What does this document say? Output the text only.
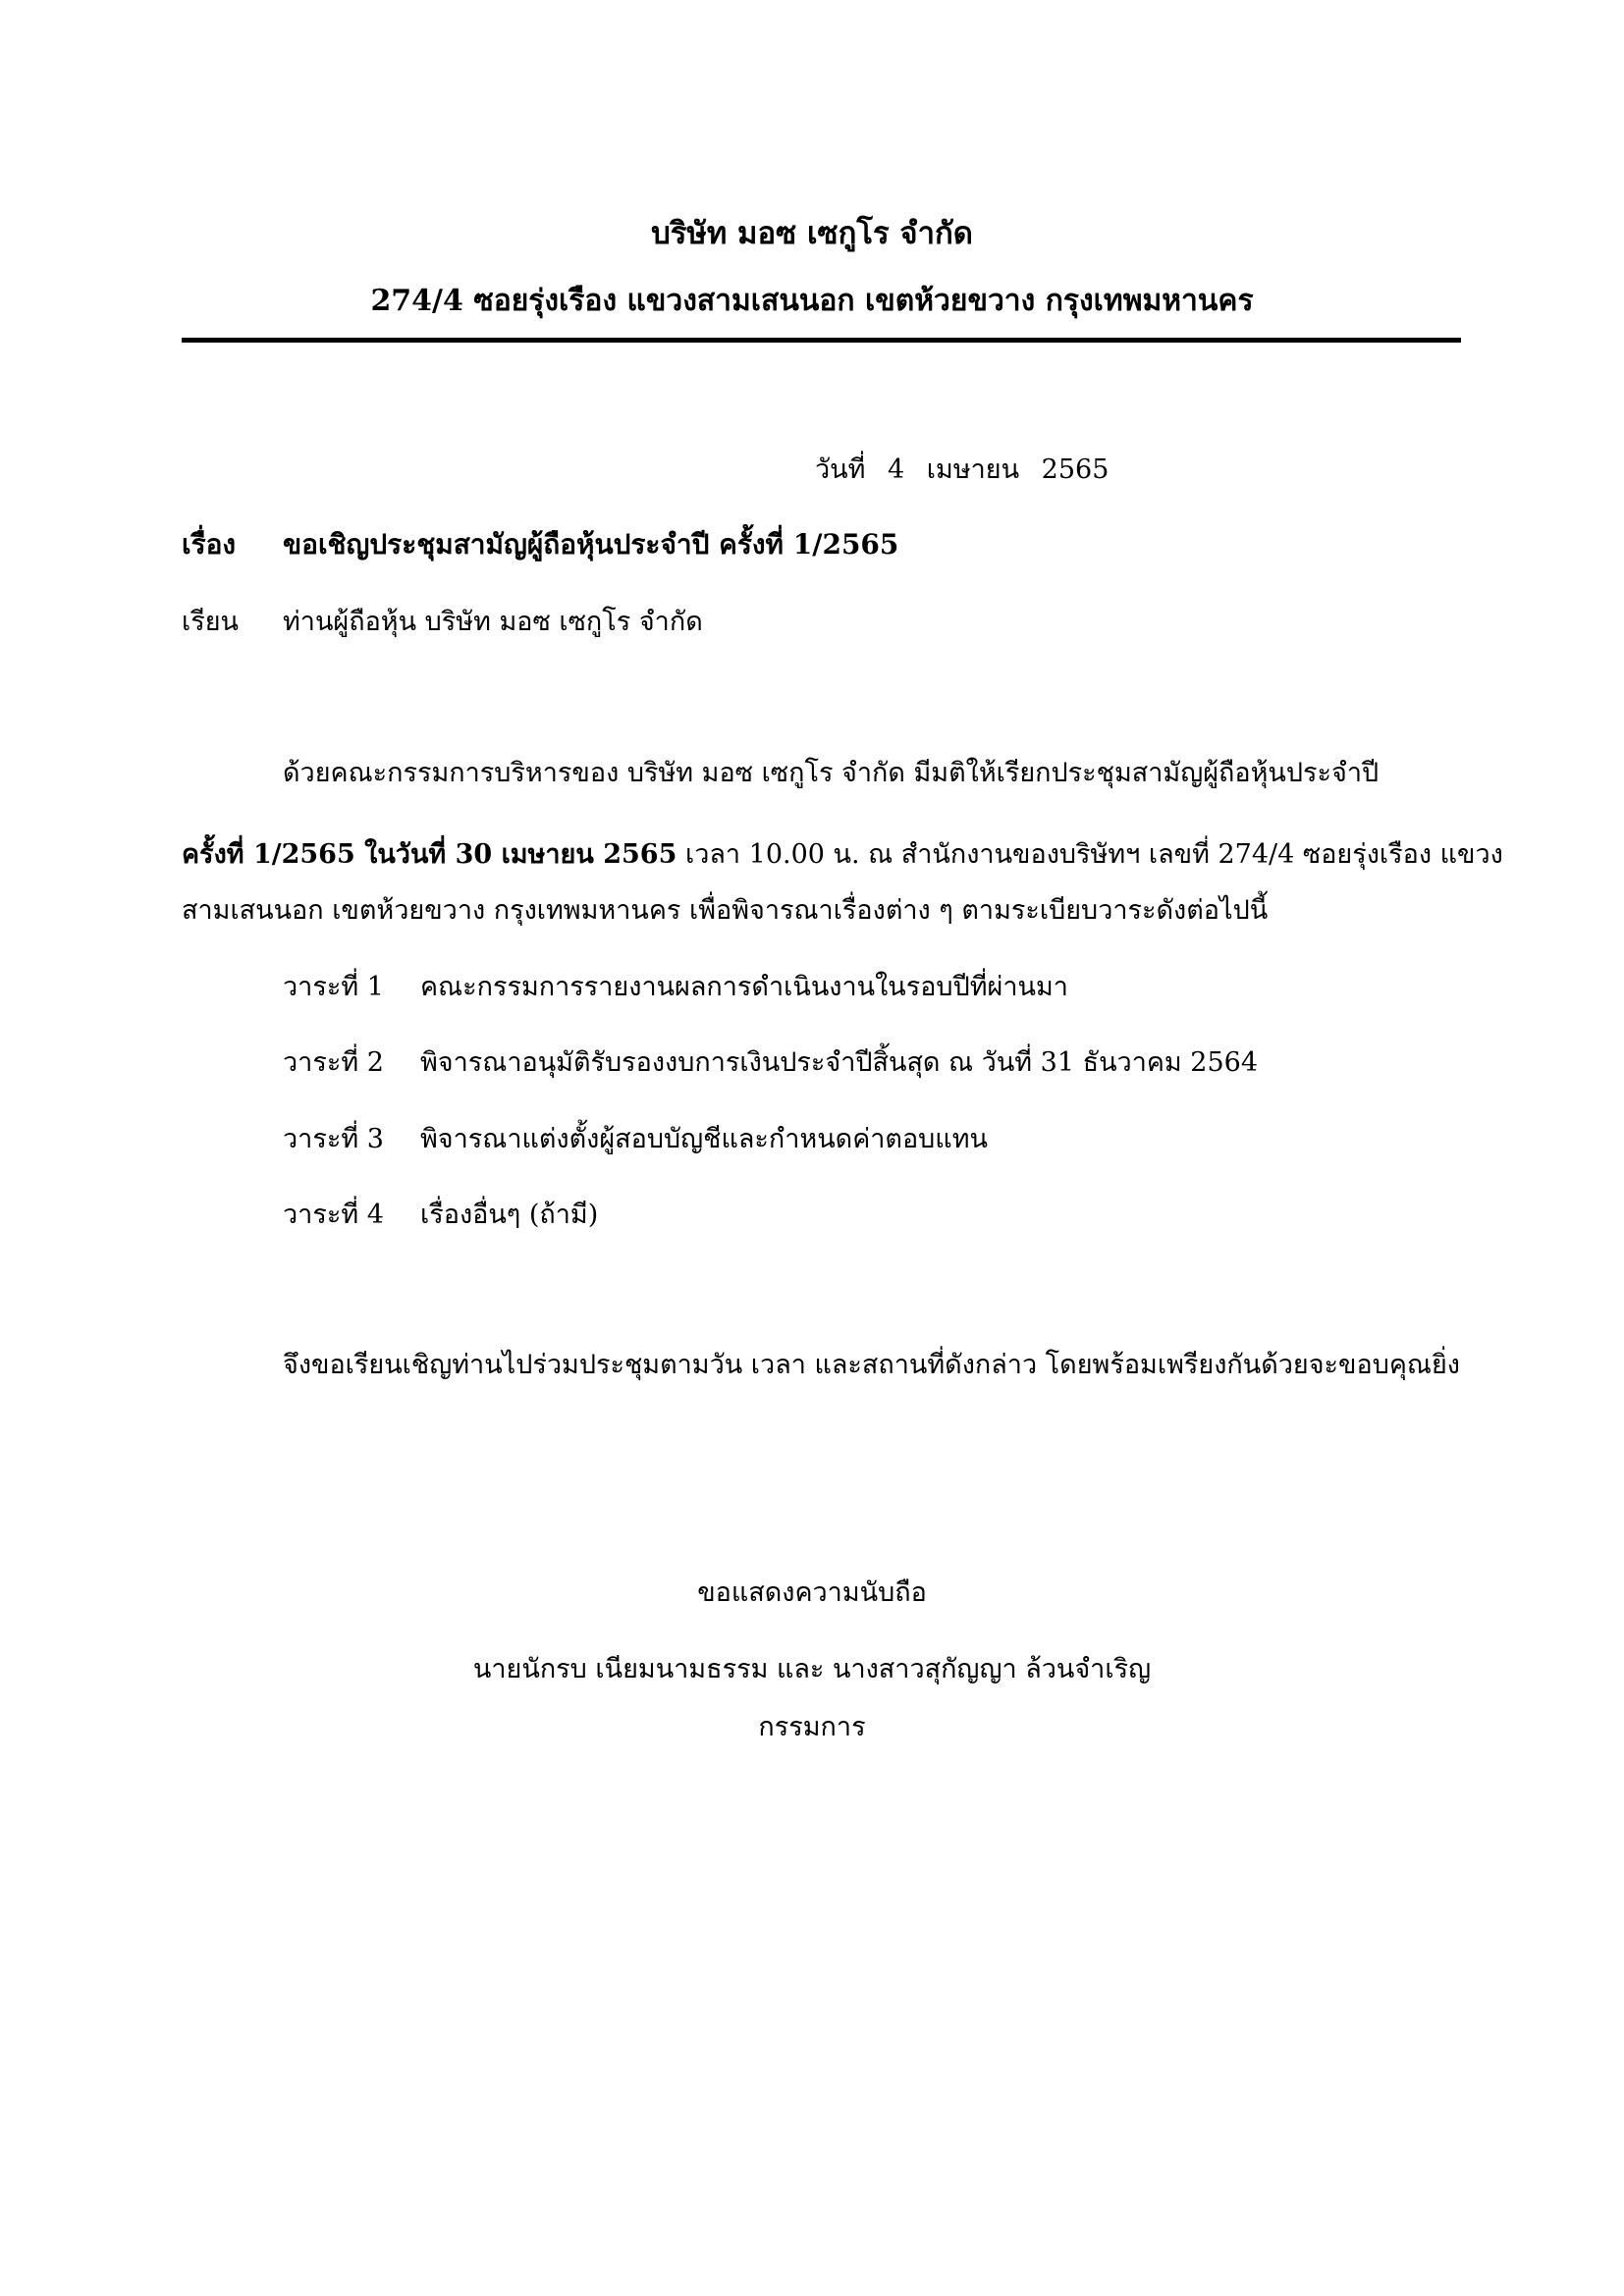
บริษัท มอซ เซกูโร จำกัด
274/4 ซอยรุ่งเรือง แขวงสามเสนนอก เขตห้วยขวาง กรุงเทพมหานคร
วันที่ 4 เมษายน 2565
เรื่อง ขอเชิญประชุมสามัญผู้ถือหุ้นประจำปี ครั้งที่ 1/2565
เรียน ท่านผู้ถือหุ้น บริษัท มอซ เซกูโร จำกัด
ด้วยคณะกรรมการบริหารของ บริษัท มอซ เซกูโร จำกัด มีมติให้เรียกประชุมสามัญผู้ถือหุ้นประจำปี
ครั้งที่ 1/2565 ในวันที่ 30 เมษายน 2565 เวลา 10.00 น. ณ สำนักงานของบริษัทฯ เลขที่ 274/4 ซอยรุ่งเรือง แขวง
สามเสนนอก เขตห้วยขวาง กรุงเทพมหานคร เพื่อพิจารณาเรื่องต่าง ๆ ตามระเบียบวาระดังต่อไปนี้
วาระที่ 1 คณะกรรมการรายงานผลการดำเนินงานในรอบปีที่ผ่านมา
วาระที่ 2 พิจารณาอนุมัติรับรองงบการเงินประจำปีสิ้นสุด ณ วันที่ 31 ธันวาคม 2564
วาระที่ 3 พิจารณาแต่งตั้งผู้สอบบัญชีและกำหนดค่าตอบแทน
วาระที่ 4 เรื่องอื่นๆ (ถ้ามี)
จึงขอเรียนเชิญท่านไปร่วมประชุมตามวัน เวลา และสถานที่ดังกล่าว โดยพร้อมเพรียงกันด้วยจะขอบคุณยิ่ง
ขอแสดงความนับถือ
นายนักรบ เนียมนามธรรม และ นางสาวสุกัญญา ล้วนจำเริญ
กรรมการ
